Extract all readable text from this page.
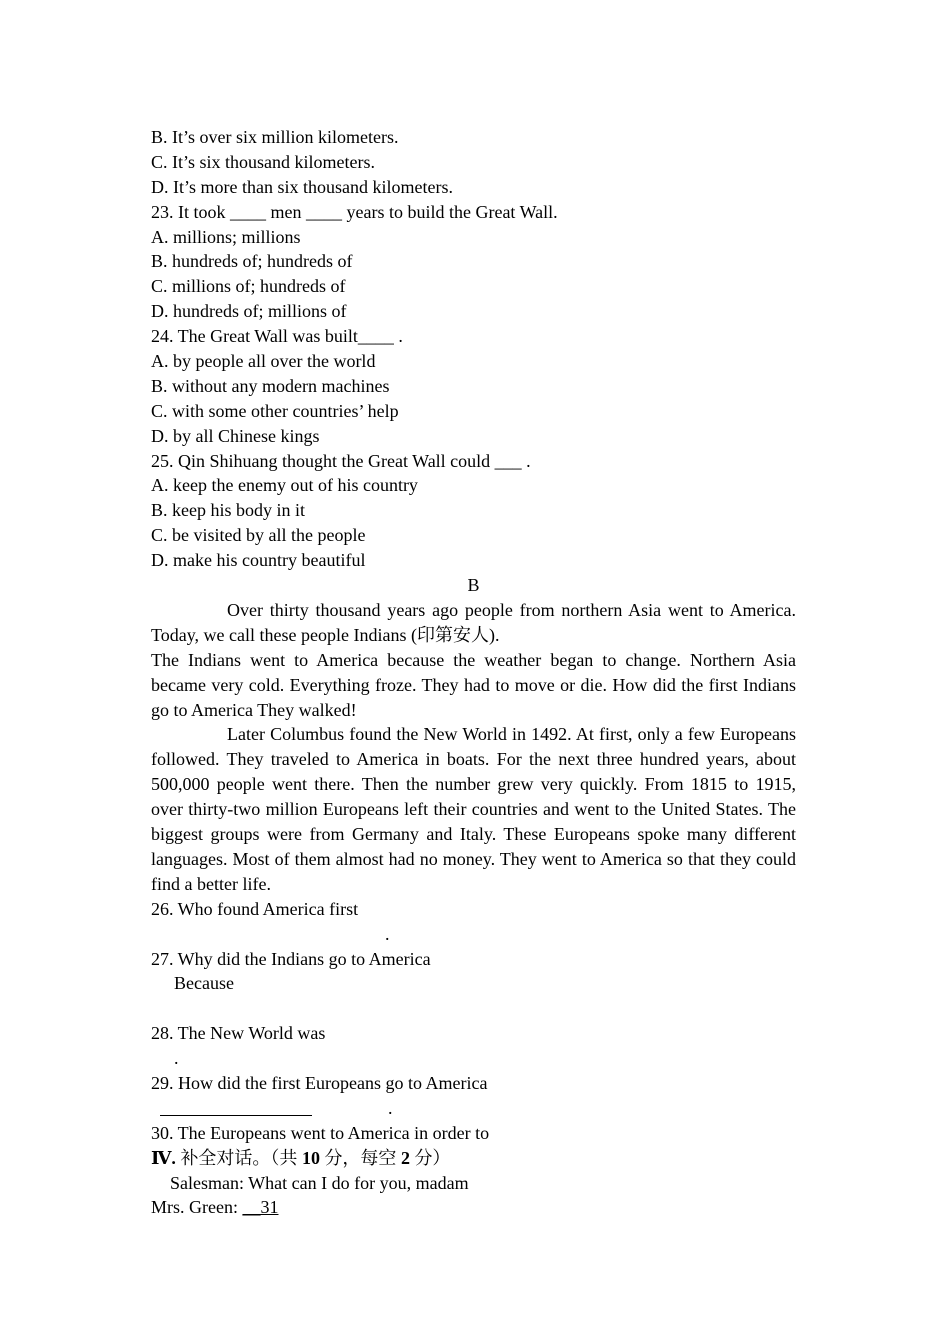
B. It’s over six million kilometers.
C. It’s six thousand kilometers.
D. It’s more than six thousand kilometers.
23. It took ____ men ____ years to build the Great Wall.
A. millions; millions
B. hundreds of; hundreds of
C. millions of; hundreds of
D. hundreds of; millions of
24. The Great Wall was built____ .
A. by people all over the world
B. without any modern machines
C. with some other countries’ help
D. by all Chinese kings
25. Qin Shihuang thought the Great Wall could ___ .
A. keep the enemy out of his country
B. keep his body in it
C. be visited by all the people
D. make his country beautiful
B
Over thirty thousand years ago people from northern Asia went to America. Today, we call these people Indians (印第安人).
The Indians went to America because the weather began to change. Northern Asia became very cold. Everything froze. They had to move or die. How did the first Indians go to America They walked!
Later Columbus found the New World in 1492. At first, only a few Europeans followed. They traveled to America in boats. For the next three hundred years, about 500,000 people went there. Then the number grew very quickly. From 1815 to 1915, over thirty-two million Europeans left their countries and went to the United States. The biggest groups were from Germany and Italy. These Europeans spoke many different languages. Most of them almost had no money. They went to America so that they could find a better life.
26. Who found America first
.
27. Why did the Indians go to America
Because
28. The New World was
.
29. How did the first Europeans go to America
.
30. The Europeans went to America in order to
Ⅳ. 补全对话。（共 10 分，每空 2 分）
Salesman: What can I do for you, madam
Mrs. Green: __31
